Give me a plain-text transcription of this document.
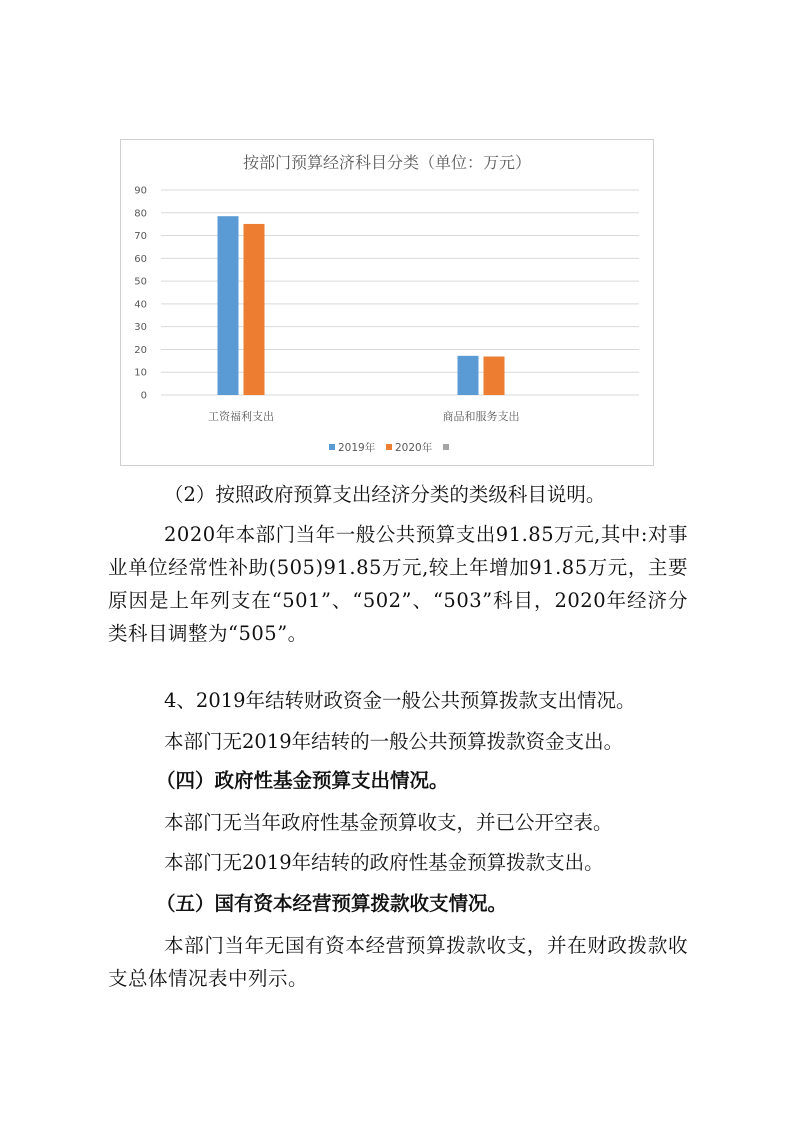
按部门预算经济科目分类（单位：万元）
0
10
20
30
40
50
60
70
80
90
工资福利支出	商品和服务支出
2019年 2020年

（2）按照政府预算支出经济分类的类级科目说明。

2020年本部门当年一般公共预算支出91.85万元,其中:对事业单位经常性补助(505)91.85万元,较上年增加91.85万元，主要原因是上年列支在“501”、“502”、“503”科目，2020年经济分类科目调整为“505”。

4、2019年结转财政资金一般公共预算拨款支出情况。

本部门无2019年结转的一般公共预算拨款资金支出。

（四）政府性基金预算支出情况。

本部门无当年政府性基金预算收支，并已公开空表。

本部门无2019年结转的政府性基金预算拨款支出。

（五）国有资本经营预算拨款收支情况。

本部门当年无国有资本经营预算拨款收支，并在财政拨款收支总体情况表中列示。
